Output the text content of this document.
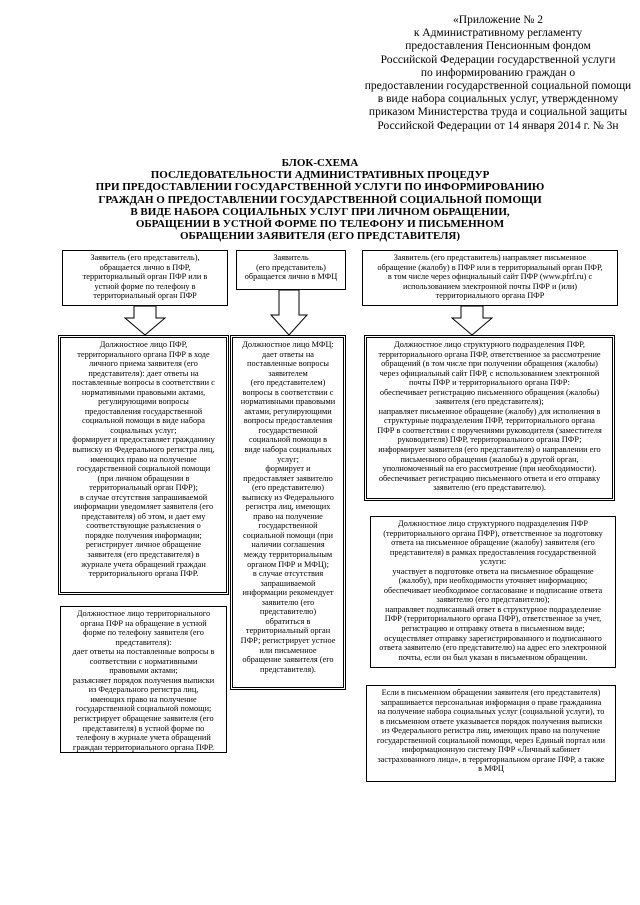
«Приложение № 2
к Административному регламенту
предоставления Пенсионным фондом
Российской Федерации государственной услуги
по информированию граждан о
предоставлении государственной социальной помощи
в виде набора социальных услуг, утвержденному
приказом Министерства труда и социальной защиты
Российской Федерации от 14 января 2014 г. № 3н
БЛОК-СХЕМА
ПОСЛЕДОВАТЕЛЬНОСТИ АДМИНИСТРАТИВНЫХ ПРОЦЕДУР
ПРИ ПРЕДОСТАВЛЕНИИ ГОСУДАРСТВЕННОЙ УСЛУГИ ПО ИНФОРМИРОВАНИЮ
ГРАЖДАН О ПРЕДОСТАВЛЕНИИ ГОСУДАРСТВЕННОЙ СОЦИАЛЬНОЙ ПОМОЩИ
В ВИДЕ НАБОРА СОЦИАЛЬНЫХ УСЛУГ ПРИ ЛИЧНОМ ОБРАЩЕНИИ,
ОБРАЩЕНИИ В УСТНОЙ ФОРМЕ ПО ТЕЛЕФОНУ И ПИСЬМЕННОМ
ОБРАЩЕНИИ ЗАЯВИТЕЛЯ (ЕГО ПРЕДСТАВИТЕЛЯ)
Заявитель (его представитель),
обращается лично в ПФР,
территориальный орган ПФР или в
устной форме по телефону в
территориальный орган ПФР
Должностное лицо ПФР,
территориального органа ПФР в ходе
личного приема заявителя (его
представителя): дает ответы на
поставленные вопросы в соответствии с
нормативными правовыми актами,
регулирующими вопросы
предоставления государственной
социальной помощи в виде набора
социальных услуг;
формирует и предоставляет гражданину
выписку из Федерального регистра лиц,
имеющих право на получение
государственной социальной помощи
(при личном обращении в
территориальный орган ПФР);
в случае отсутствия запрашиваемой
информации уведомляет заявителя (его
представителя) об этом, и дает ему
соответствующие разъяснения о
порядке получения информации;
регистрирует личное обращение
заявителя (его представителя) в
журнале учета обращений граждан
территориального органа ПФР.
Должностное лицо территориального
органа ПФР на обращение в устной
форме по телефону заявителя (его
представителя):
дает ответы на поставленные вопросы в
соответствии с нормативными
правовыми актами;
разъясняет порядок получения выписки
из Федерального регистра лиц,
имеющих право на получение
государственной социальной помощи;
регистрирует обращение заявителя (его
представителя) в устной форме по
телефону в журнале учета обращений
граждан территориального органа ПФР.
Заявитель
(его представитель)
обращается лично в МФЦ
Должностное лицо МФЦ:
дает ответы на
поставленные вопросы
заявителем
(его представителем)
вопросы в соответствии с
нормативными правовыми
актами, регулирующими
вопросы предоставления
государственной
социальной помощи в
виде набора социальных
услуг;
формирует и
предоставляет заявителю
(его представителю)
выписку из Федерального
регистра лиц, имеющих
право на получение
государственной
социальной помощи (при
наличии соглашения
между территориальным
органом ПФР и МФЦ);
в случае отсутствия
запрашиваемой
информации рекомендует
заявителю (его
представителю)
обратиться в
территориальный орган
ПФР; регистрирует устное
или письменное
обращение заявителя (его
представителя).
Заявитель (его представитель) направляет письменное
обращение (жалобу) в ПФР или в территориальный орган ПФР,
в том числе через официальный сайт ПФР (www.pfrf.ru) с
использованием электронной почты ПФР и (или)
территориального органа ПФР
Должностное лицо структурного подразделения ПФР,
территориального органа ПФР, ответственное за рассмотрение
обращений (в том числе при получении обращения (жалобы)
через официальный сайт ПФР, с использованием электронной
почты ПФР и территориального органа ПФР:
обеспечивает регистрацию письменного обращения (жалобы)
заявителя (его представителя);
направляет письменное обращение (жалобу) для исполнения в
структурные подразделения ПФР, территориального органа
ПФР в соответствии с поручениями руководителя (заместителя
руководителя) ПФР, территориального органа ПФР;
информирует заявителя (его представителя) о направлении его
письменного обращения (жалобы) в другой орган,
уполномоченный на его рассмотрение (при необходимости).
обеспечивает регистрацию письменного ответа и его отправку
заявителю (его представителю).
Должностное лицо структурного подразделения ПФР
(территориального органа ПФР), ответственное за подготовку
ответа на письменное обращение (жалобу) заявителя (его
представителя) в рамках предоставления государственной
услуги:
участвует в подготовке ответа на письменное обращение
(жалобу), при необходимости уточняет информацию;
обеспечивает необходимое согласование и подписание ответа
заявителю (его представителю);
направляет подписанный ответ в структурное подразделение
ПФР (территориального органа ПФР), ответственное за учет,
регистрацию и отправку ответа в письменном виде;
осуществляет отправку зарегистрированного и подписанного
ответа заявителю (его представителю) на адрес его электронной
почты, если он был указан в письменном обращении.
Если в письменном обращении заявителя (его представителя)
запрашивается персональная информация о праве гражданина
на получение набора социальных услуг (социальной услуги), то
в письменном ответе указывается порядок получения выписки
из Федерального регистра лиц, имеющих право на получение
государственной социальной помощи, через Единый портал или
информационную систему ПФР «Личный кабинет
застрахованного лица», в территориальном органе ПФР, а также
в МФЦ
